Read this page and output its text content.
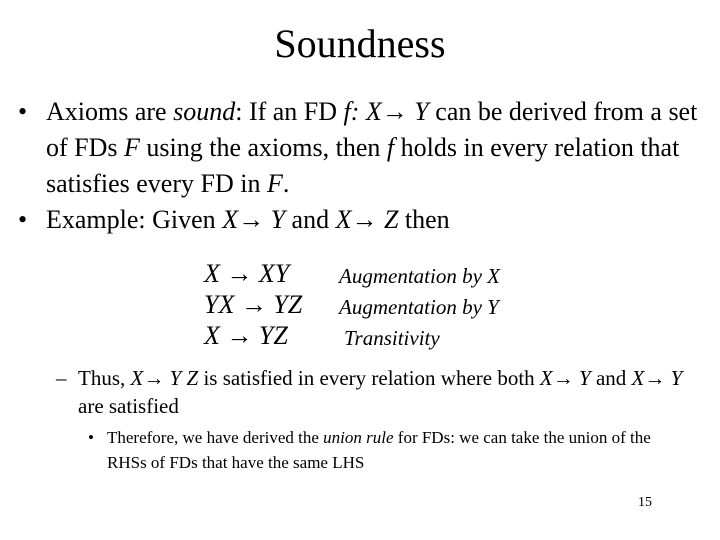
Soundness
• Axioms are sound: If an FD f: X→ Y can be derived from a set of FDs F using the axioms, then f holds in every relation that satisfies every FD in F.
• Example: Given X→ Y and X→ Z then
X → XY Augmentation by X
YX → YZ Augmentation by Y
X → YZ	Transitivity
– Thus, X→ Y Z is satisfied in every relation where both X→ Y and X→ Y are satisfied
• Therefore, we have derived the union rule for FDs: we can take the union of the RHSs of FDs that have the same LHS
15
